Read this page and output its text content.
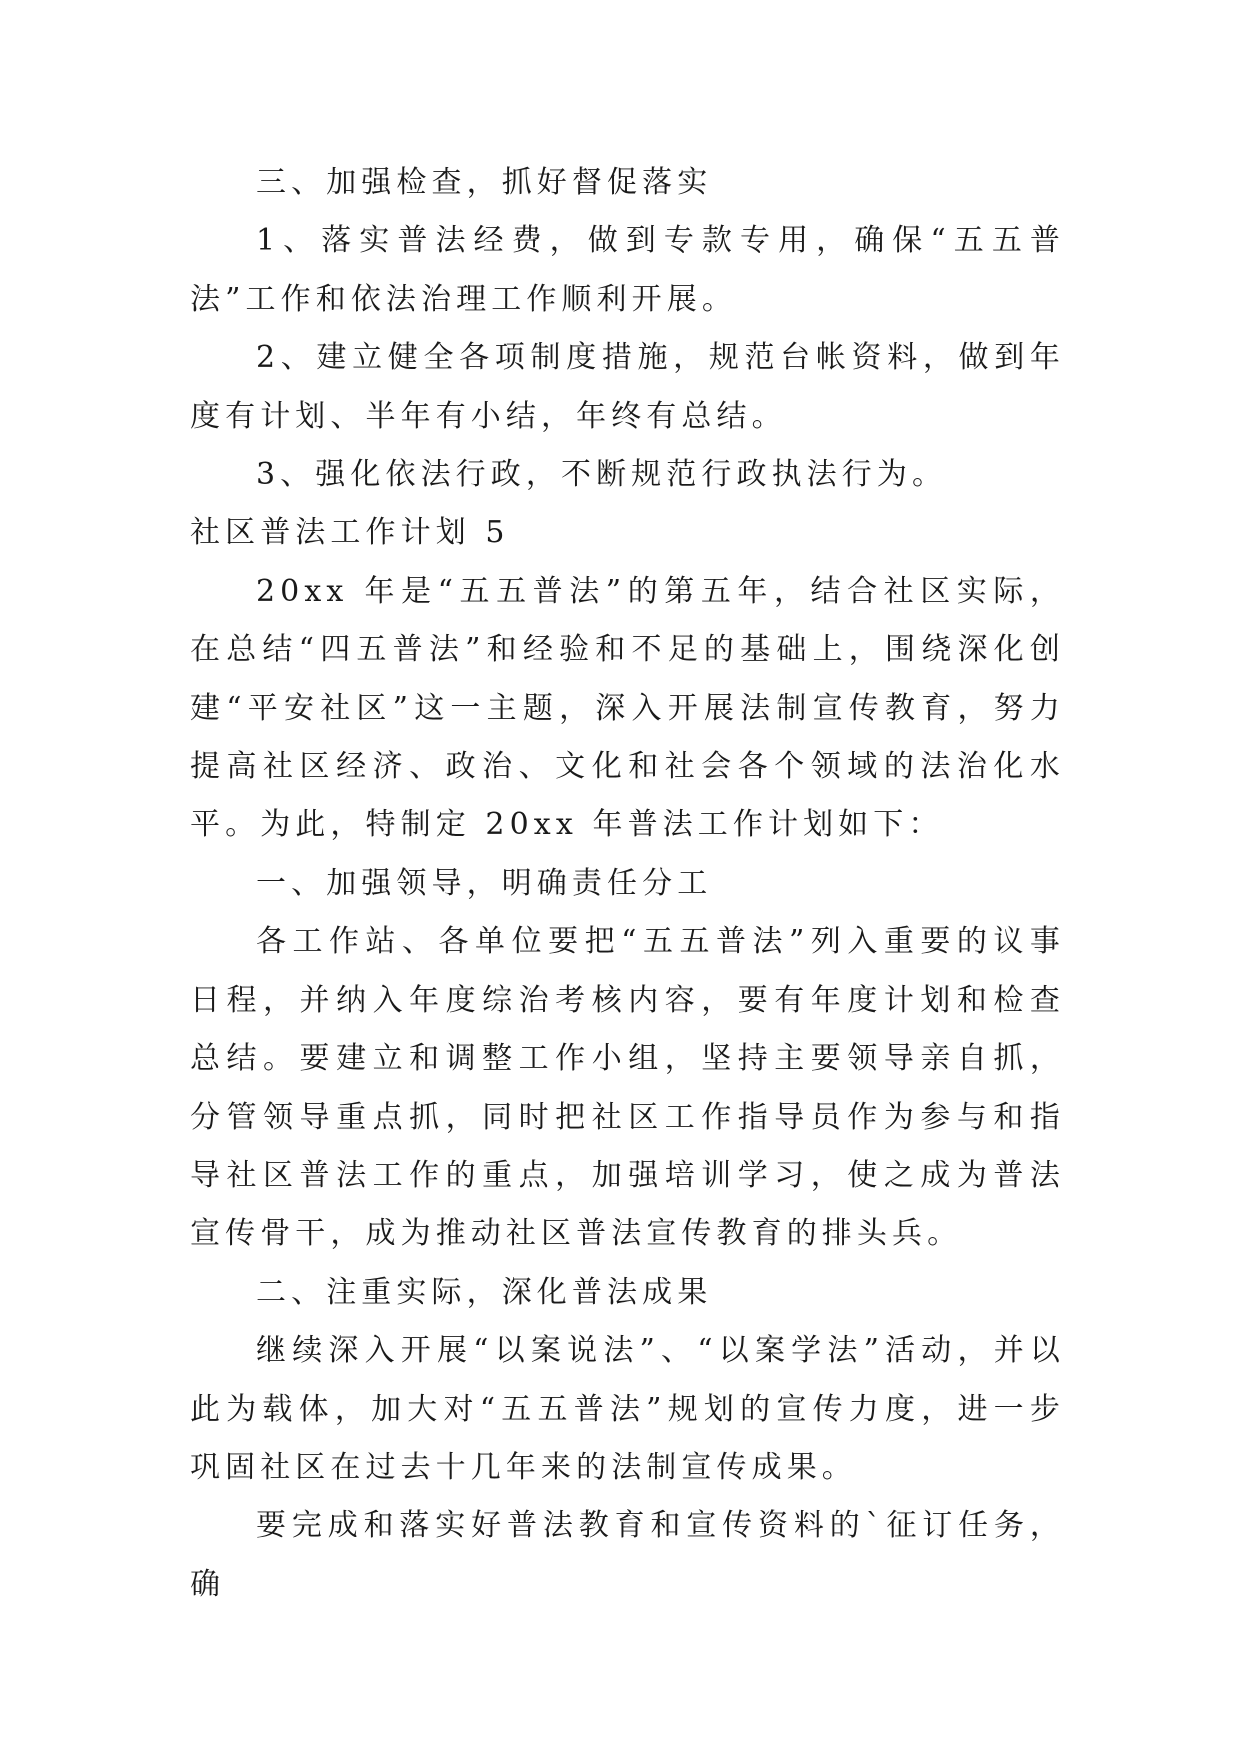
三、加强检查，抓好督促落实

1、落实普法经费，做到专款专用，确保“五五普法”工作和依法治理工作顺利开展。

2、建立健全各项制度措施，规范台帐资料，做到年度有计划、半年有小结，年终有总结。

3、强化依法行政，不断规范行政执法行为。

社区普法工作计划 5

20xx 年是“五五普法”的第五年，结合社区实际，在总结“四五普法”和经验和不足的基础上，围绕深化创建“平安社区”这一主题，深入开展法制宣传教育，努力提高社区经济、政治、文化和社会各个领域的法治化水平。为此，特制定 20xx 年普法工作计划如下：

一、加强领导，明确责任分工

各工作站、各单位要把“五五普法”列入重要的议事日程，并纳入年度综治考核内容，要有年度计划和检查总结。要建立和调整工作小组，坚持主要领导亲自抓，分管领导重点抓，同时把社区工作指导员作为参与和指导社区普法工作的重点，加强培训学习，使之成为普法宣传骨干，成为推动社区普法宣传教育的排头兵。

二、注重实际，深化普法成果

继续深入开展“以案说法”、“以案学法”活动，并以此为载体，加大对“五五普法”规划的宣传力度，进一步巩固社区在过去十几年来的法制宣传成果。

要完成和落实好普法教育和宣传资料的`征订任务，确
